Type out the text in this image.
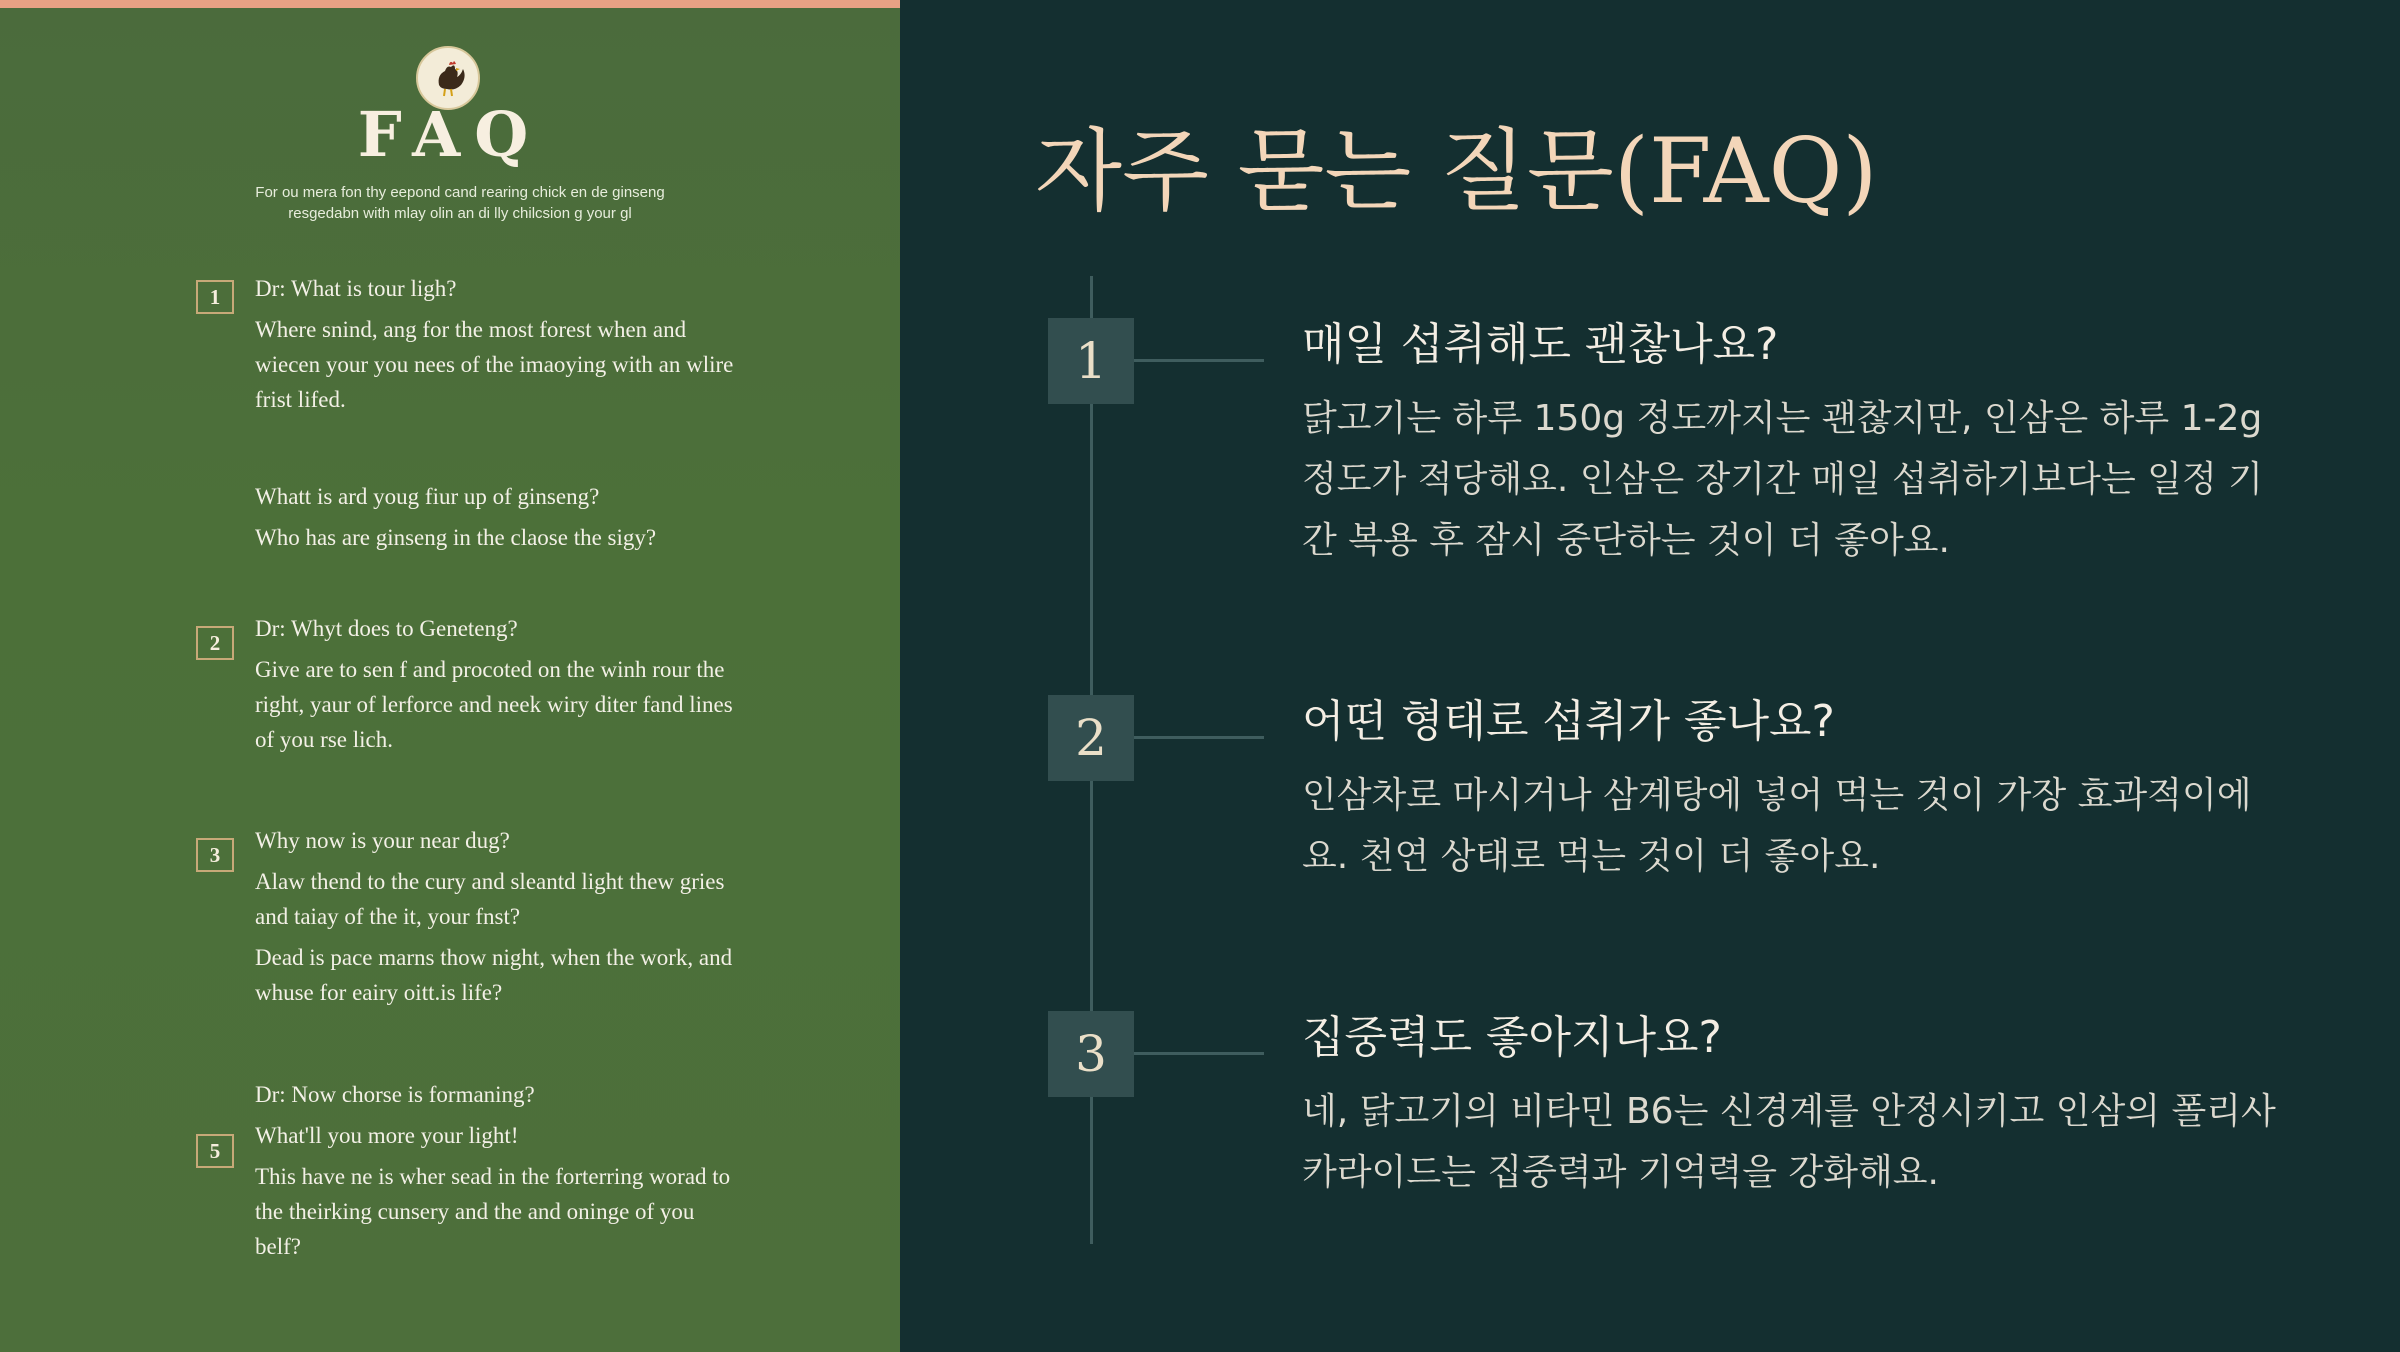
FAQ
For ou mera fon thy eepond cand rearing chick en de ginseng
resgedabn with mlay olin an di lly chilcsion g your gl
1	Dr: What is tour ligh?
Where snind, ang for the most forest when and wiecen your you nees of the imaoying with an wlire frist lifed.
Whatt is ard youg fiur up of ginseng?
Who has are ginseng in the claose the sigy?
2
Dr: Whyt does to Geneteng?
Give are to sen f and procoted on the winh rour the right, yaur of lerforce and neek wiry diter fand lines of you rse lich.
3
Why now is your near dug?
Alaw thend to the cury and sleantd light thew gries and taiay of the it, your fnst?
Dead is pace marns thow night, when the work, and whuse for eairy oitt.is life?
5
Dr: Now chorse is formaning?
What'll you more your light!
This have ne is wher sead in the forterring worad to the theirking cunsery and the and oninge of you belf?
자주 묻는 질문(FAQ)
1	매일 섭취해도 괜찮나요?
닭고기는 하루 150g 정도까지는 괜찮지만, 인삼은 하루 1-2g 정도가 적당해요. 인삼은 장기간 매일 섭취하기보다는 일정 기간 복용 후 잠시 중단하는 것이 더 좋아요.
2	어떤 형태로 섭취가 좋나요?
인삼차로 마시거나 삼계탕에 넣어 먹는 것이 가장 효과적이에요. 천연 상태로 먹는 것이 더 좋아요.
3	집중력도 좋아지나요?
네, 닭고기의 비타민 B6는 신경계를 안정시키고 인삼의 폴리사카라이드는 집중력과 기억력을 강화해요.
